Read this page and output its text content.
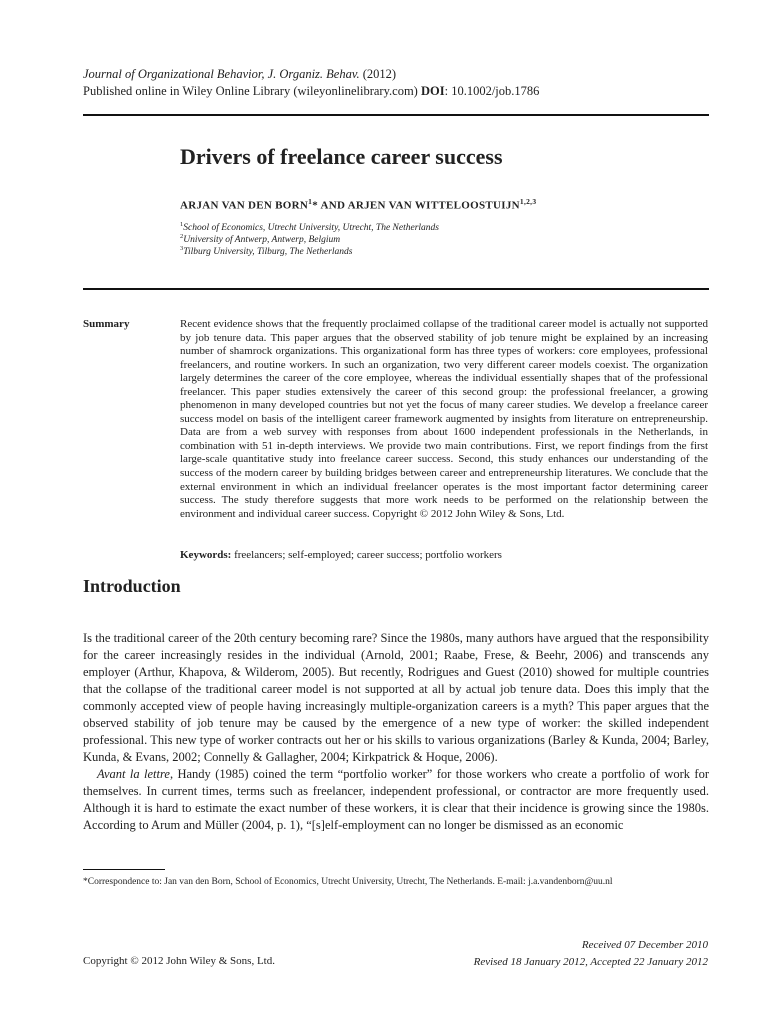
Journal of Organizational Behavior, J. Organiz. Behav. (2012)
Published online in Wiley Online Library (wileyonlinelibrary.com) DOI: 10.1002/job.1786
Drivers of freelance career success
ARJAN VAN DEN BORN$^1$* AND ARJEN VAN WITTELOOSTUIJN$^{1,2,3}$
$^1$School of Economics, Utrecht University, Utrecht, The Netherlands
$^2$University of Antwerp, Antwerp, Belgium
$^3$Tilburg University, Tilburg, The Netherlands
Summary	Recent evidence shows that the frequently proclaimed collapse of the traditional career model is actually not supported by job tenure data. This paper argues that the observed stability of job tenure might be explained by an increasing number of shamrock organizations. This organizational form has three types of workers: core employees, professional freelancers, and routine workers. In such an organization, two very different career models coexist. The organization largely determines the career of the core employee, whereas the individual essentially shapes that of the professional freelancer. This paper studies extensively the career of this second group: the professional freelancer, a growing phenomenon in many developed countries but not yet the focus of many career studies. We develop a freelance career success model on basis of the intelligent career framework augmented by insights from literature on entrepreneurship. Data are from a web survey with responses from about 1600 independent professionals in the Netherlands, in combination with 51 in-depth interviews. We provide two main contributions. First, we report findings from the first large-scale quantitative study into freelance career success. Second, this study enhances our understanding of the success of the modern career by building bridges between career and entrepreneurship literatures. We conclude that the external environment in which an individual freelancer operates is the most important factor determining career success. The study therefore suggests that more work needs to be performed on the relationship between the environment and individual career success. Copyright © 2012 John Wiley & Sons, Ltd.
Keywords: freelancers; self-employed; career success; portfolio workers
Introduction

Is the traditional career of the 20th century becoming rare? Since the 1980s, many authors have argued that the responsibility for the career increasingly resides in the individual (Arnold, 2001; Raabe, Frese, & Beehr, 2006) and transcends any employer (Arthur, Khapova, & Wilderom, 2005). But recently, Rodrigues and Guest (2010) showed for multiple countries that the collapse of the traditional career model is not supported at all by actual job tenure data. Does this imply that the commonly accepted view of people having increasingly multiple-organization careers is a myth? This paper argues that the observed stability of job tenure may be caused by the emergence of a new type of worker: the skilled independent professional. This new type of worker contracts out her or his skills to various organizations (Barley & Kunda, 2004; Barley, Kunda, & Evans, 2002; Connelly & Gallagher, 2004; Kirkpatrick & Hoque, 2006).

Avant la lettre, Handy (1985) coined the term “portfolio worker” for those workers who create a portfolio of work for themselves. In current times, terms such as freelancer, independent professional, or contractor are more frequently used. Although it is hard to estimate the exact number of these workers, it is clear that their incidence is growing since the 1980s. According to Arum and Müller (2004, p. 1), “[s]elf-employment can no longer be dismissed as an economic

*Correspondence to: Jan van den Born, School of Economics, Utrecht University, Utrecht, The Netherlands. E-mail: j.a.vandenborn@uu.nl
Received 07 December 2010
Revised 18 January 2012, Accepted 22 January 2012
Copyright © 2012 John Wiley & Sons, Ltd.
